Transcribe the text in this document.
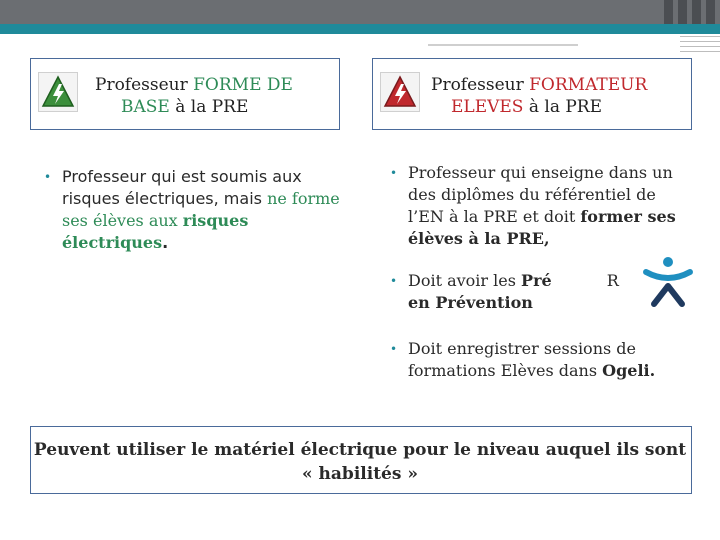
Professeur FORME DE
BASE à la PRE
Professeur FORMATEUR
ELEVES à la PRE
• Professeur qui est soumis aux risques électriques, mais ne forme ses élèves aux risques électriques.
• Professeur qui enseigne dans un des diplômes du référentiel de l’EN à la PRE et doit former ses élèves à la PRE,
• Doit avoir les Pré	R
en Prévention
• Doit enregistrer sessions de formations Elèves dans Ogeli.
Peuvent utiliser le matériel électrique pour le niveau auquel ils sont « habilités »
